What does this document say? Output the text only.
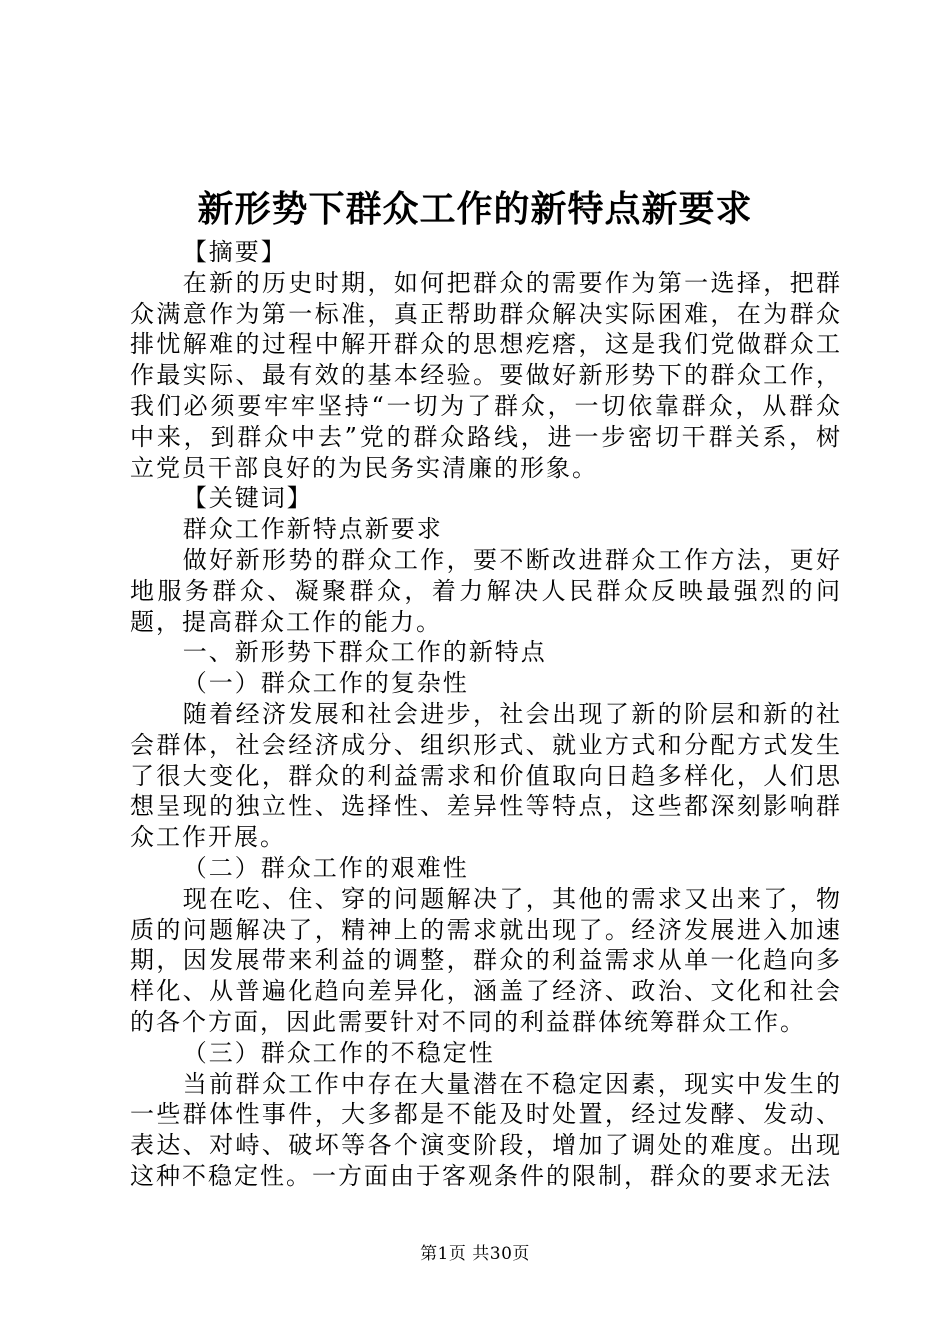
新形势下群众工作的新特点新要求

【摘要】

在新的历史时期，如何把群众的需要作为第一选择，把群众满意作为第一标准，真正帮助群众解决实际困难，在为群众排忧解难的过程中解开群众的思想疙瘩，这是我们党做群众工作最实际、最有效的基本经验。要做好新形势下的群众工作，我们必须要牢牢坚持“一切为了群众，一切依靠群众，从群众中来，到群众中去”党的群众路线，进一步密切干群关系，树立党员干部良好的为民务实清廉的形象。

【关键词】

群众工作新特点新要求

做好新形势的群众工作，要不断改进群众工作方法，更好地服务群众、凝聚群众，着力解决人民群众反映最强烈的问题，提高群众工作的能力。

一、新形势下群众工作的新特点

（一）群众工作的复杂性

随着经济发展和社会进步，社会出现了新的阶层和新的社会群体，社会经济成分、组织形式、就业方式和分配方式发生了很大变化，群众的利益需求和价值取向日趋多样化，人们思想呈现的独立性、选择性、差异性等特点，这些都深刻影响群众工作开展。

（二）群众工作的艰难性

现在吃、住、穿的问题解决了，其他的需求又出来了，物质的问题解决了，精神上的需求就出现了。经济发展进入加速期，因发展带来利益的调整，群众的利益需求从单一化趋向多样化、从普遍化趋向差异化，涵盖了经济、政治、文化和社会的各个方面，因此需要针对不同的利益群体统筹群众工作。

（三）群众工作的不稳定性

当前群众工作中存在大量潜在不稳定因素，现实中发生的一些群体性事件，大多都是不能及时处置，经过发酵、发动、表达、对峙、破坏等各个演变阶段，增加了调处的难度。出现这种不稳定性。一方面由于客观条件的限制，群众的要求无法

第1页 共30页
